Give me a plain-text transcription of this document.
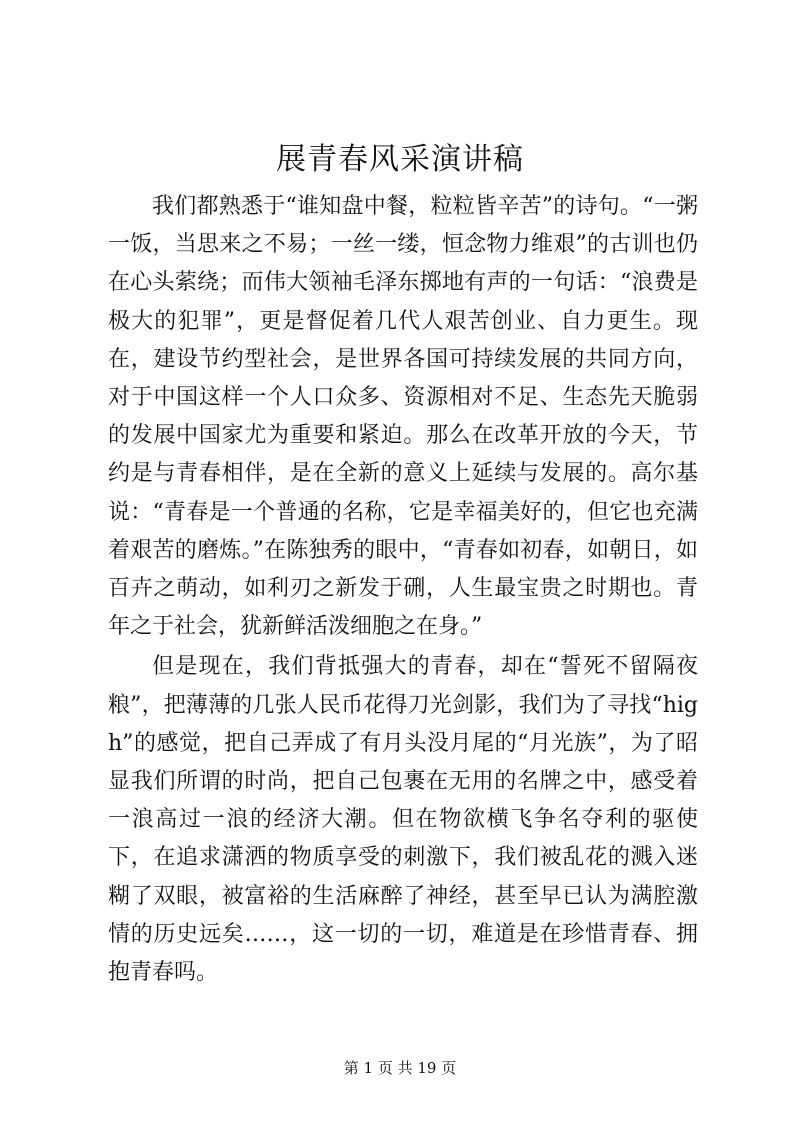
展青春风采演讲稿

我们都熟悉于“谁知盘中餐，粒粒皆辛苦”的诗句。“一粥一饭，当思来之不易；一丝一缕，恒念物力维艰”的古训也仍在心头萦绕；而伟大领袖毛泽东掷地有声的一句话：“浪费是极大的犯罪”，更是督促着几代人艰苦创业、自力更生。现在，建设节约型社会，是世界各国可持续发展的共同方向，对于中国这样一个人口众多、资源相对不足、生态先天脆弱的发展中国家尤为重要和紧迫。那么在改革开放的今天，节约是与青春相伴，是在全新的意义上延续与发展的。高尔基说：“青春是一个普通的名称，它是幸福美好的，但它也充满着艰苦的磨炼。”在陈独秀的眼中，“青春如初春，如朝日，如百卉之萌动，如利刃之新发于硎，人生最宝贵之时期也。青年之于社会，犹新鲜活泼细胞之在身。”

但是现在，我们背抵强大的青春，却在“誓死不留隔夜粮”，把薄薄的几张人民币花得刀光剑影，我们为了寻找“high”的感觉，把自己弄成了有月头没月尾的“月光族”，为了昭显我们所谓的时尚，把自己包裹在无用的名牌之中，感受着一浪高过一浪的经济大潮。但在物欲横飞争名夺利的驱使下，在追求潇洒的物质享受的刺激下，我们被乱花的溅入迷糊了双眼，被富裕的生活麻醉了神经，甚至早已认为满腔激情的历史远矣……，这一切的一切，难道是在珍惜青春、拥抱青春吗。

第 1 页 共 19 页
